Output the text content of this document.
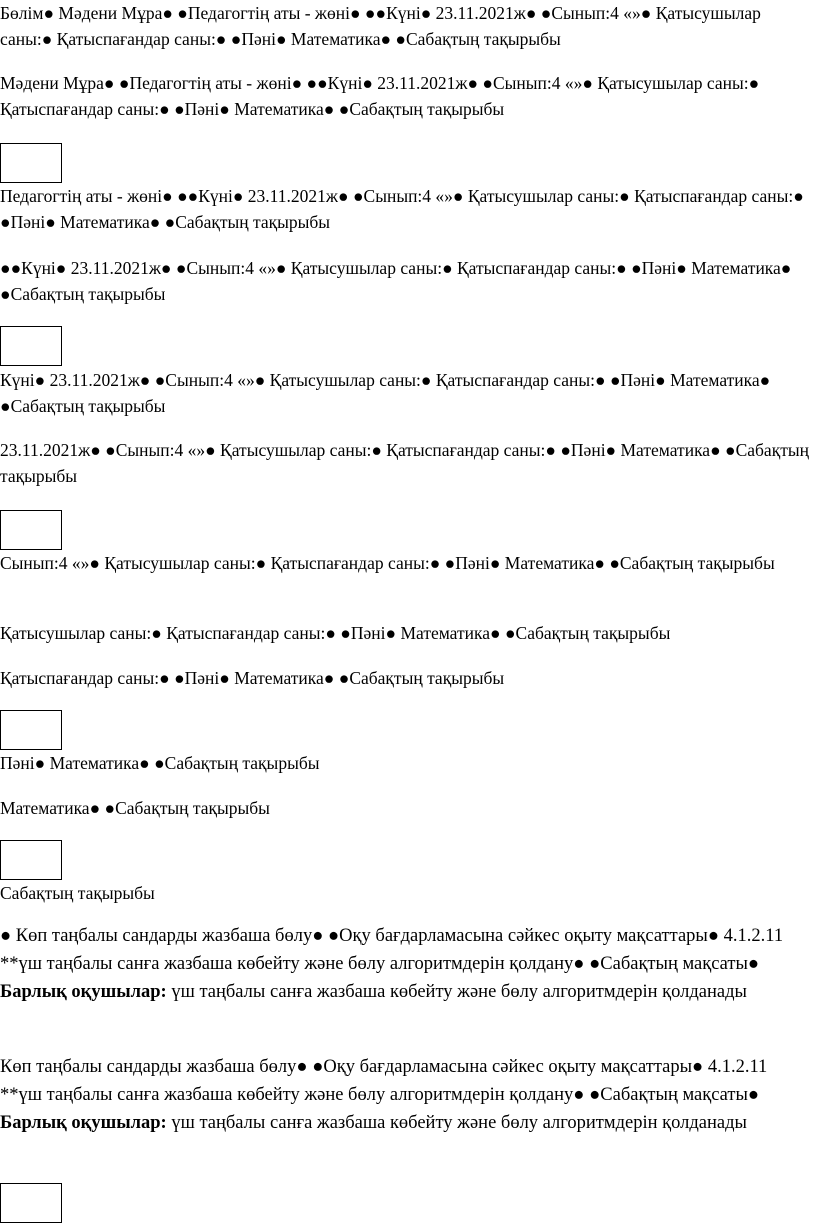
Бөлім● Мәдени Мұра● ●Педагогтің аты - жөні● ●●Күні● 23.11.2021ж● ●Сынып:4 «»● Қатысушылар саны:● Қатыспағандар саны:● ●Пәні● Математика● ●Сабақтың тақырыбы

Мәдени Мұра● ●Педагогтің аты - жөні● ●●Күні● 23.11.2021ж● ●Сынып:4 «»● Қатысушылар саны:● Қатыспағандар саны:● ●Пәні● Математика● ●Сабақтың тақырыбы

Педагогтің аты - жөні● ●●Күні● 23.11.2021ж● ●Сынып:4 «»● Қатысушылар саны:● Қатыспағандар саны:● ●Пәні● Математика● ●Сабақтың тақырыбы

●●Күні● 23.11.2021ж● ●Сынып:4 «»● Қатысушылар саны:● Қатыспағандар саны:● ●Пәні● Математика● ●Сабақтың тақырыбы

Күні● 23.11.2021ж● ●Сынып:4 «»● Қатысушылар саны:● Қатыспағандар саны:● ●Пәні● Математика● ●Сабақтың тақырыбы

23.11.2021ж● ●Сынып:4 «»● Қатысушылар саны:● Қатыспағандар саны:● ●Пәні● Математика● ●Сабақтың тақырыбы

Сынып:4 «»● Қатысушылар саны:● Қатыспағандар саны:● ●Пәні● Математика● ●Сабақтың тақырыбы

Қатысушылар саны:● Қатыспағандар саны:● ●Пәні● Математика● ●Сабақтың тақырыбы

Қатыспағандар саны:● ●Пәні● Математика● ●Сабақтың тақырыбы

Пәні● Математика● ●Сабақтың тақырыбы

Математика● ●Сабақтың тақырыбы

Сабақтың тақырыбы

● Көп таңбалы сандарды жазбаша бөлу● ●Оқу бағдарламасына сәйкес оқыту мақсаттары● 4.1.2.11 **үш таңбалы санға жазбаша көбейту және бөлу алгоритмдерін қолдану● ●Сабақтың мақсаты● Барлық оқушылар: үш таңбалы санға жазбаша көбейту және бөлу алгоритмдерін қолданады

Көп таңбалы сандарды жазбаша бөлу● ●Оқу бағдарламасына сәйкес оқыту мақсаттары● 4.1.2.11 **үш таңбалы санға жазбаша көбейту және бөлу алгоритмдерін қолдану● ●Сабақтың мақсаты● Барлық оқушылар: үш таңбалы санға жазбаша көбейту және бөлу алгоритмдерін қолданады
